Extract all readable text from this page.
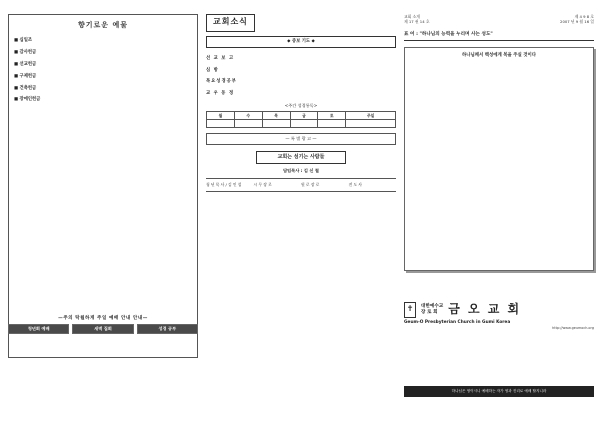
향기로운 예물
■ 십일조
■ 감사헌금
■ 선교헌금
■ 구제헌금
■ 건축헌금
■ 장애인헌금
—주의 탁월하게 주일 예배 안내 안내—
청년회 예배	새벽 집회	성경 공부
교회소식
◆ 중보 기도 ◆
선 교 보 고
심 방
목요성경공부
교 우 동 정
<주간 성경통독>
월	수	목	금	토	주일

— 특 별 광 고 —
교회는 섬기는 사람들
담임목사 : 김 신 철
청 년 목 사 / 김 인 섭	시 무 장 로	원 로 장 로	전 도 사
교회 소개
제 17 권 14 호
제 4 9 8 호
2007 년 9 월 16 일
표 어 : "하나님의 능력을 누리며 사는 성도"
하나님께서 백성에게 복을 주실 것이다
✝	대한예수교
장 로 회 금 오 교 회
Geum-O Presbyterian Church in Gumi Korea
http://www.geumoch.org
하나님은 영이시니 예배하는 자가 영과 진리로 예배 할지니라
